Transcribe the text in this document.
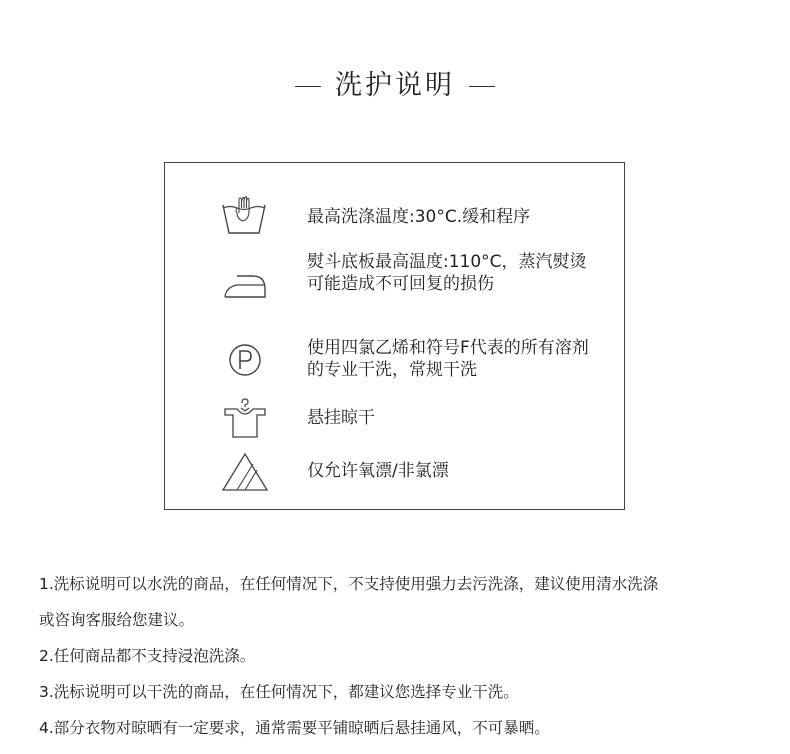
洗护说明
最高洗涤温度:30°C.缓和程序
熨斗底板最高温度:110°C，蒸汽熨烫可能造成不可回复的损伤
使用四氯乙烯和符号F代表的所有溶剂的专业干洗，常规干洗
悬挂晾干
仅允许氧漂/非氯漂
1.洗标说明可以水洗的商品，在任何情况下，不支持使用强力去污洗涤，建议使用清水洗涤
或咨询客服给您建议。
2.任何商品都不支持浸泡洗涤。
3.洗标说明可以干洗的商品，在任何情况下，都建议您选择专业干洗。
4.部分衣物对晾晒有一定要求，通常需要平铺晾晒后悬挂通风，不可暴晒。
